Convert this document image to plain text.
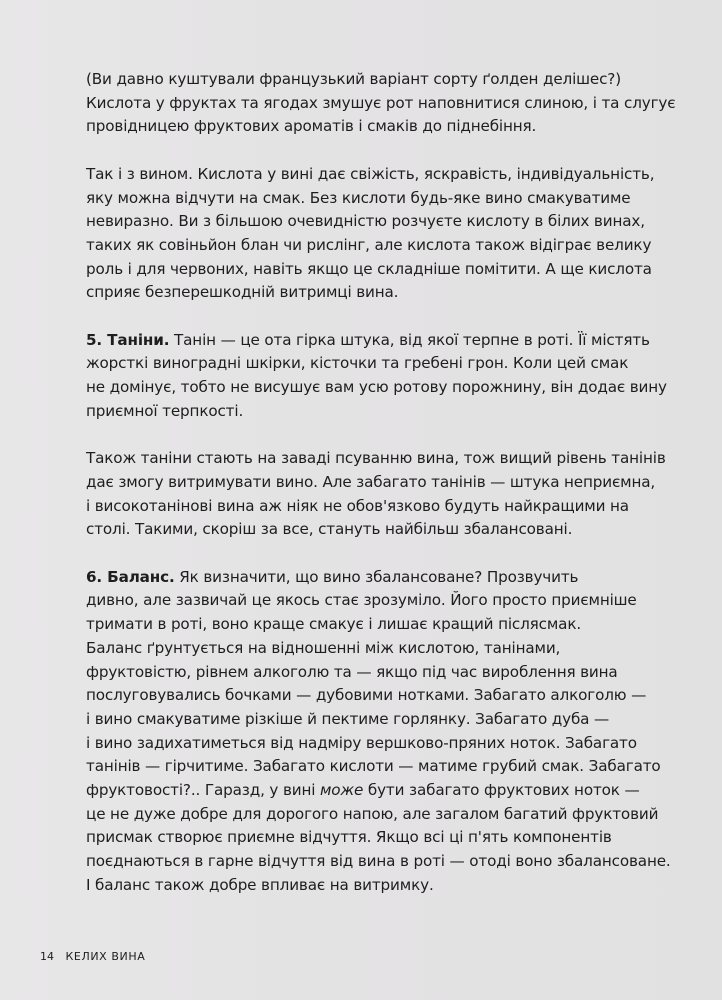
(Ви давно куштували французький варіант сорту ґолден делішес?)
Кислота у фруктах та ягодах змушує рот наповнитися слиною, і та слугує
провідницею фруктових ароматів і смаків до піднебіння.

Так і з вином. Кислота у вині дає свіжість, яскравість, індивідуальність,
яку можна відчути на смак. Без кислоти будь-яке вино смакуватиме
невиразно. Ви з більшою очевидністю розчуєте кислоту в білих винах,
таких як совіньйон блан чи рислінг, але кислота також відіграє велику
роль і для червоних, навіть якщо це складніше помітити. А ще кислота
сприяє безперешкодній витримці вина.

5. Таніни. Танін — це ота гірка штука, від якої терпне в роті. Її містять
жорсткі виноградні шкірки, кісточки та гребені грон. Коли цей смак
не домінує, тобто не висушує вам усю ротову порожнину, він додає вину
приємної терпкості.

Також таніни стають на заваді псуванню вина, тож вищий рівень танінів
дає змогу витримувати вино. Але забагато танінів — штука неприємна,
і високотанінові вина аж ніяк не обов'язково будуть найкращими на
столі. Такими, скоріш за все, стануть найбільш збалансовані.

6. Баланс. Як визначити, що вино збалансоване? Прозвучить
дивно, але зазвичай це якось стає зрозуміло. Його просто приємніше
тримати в роті, воно краще смакує і лишає кращий післясмак.
Баланс ґрунтується на відношенні між кислотою, танінами,
фруктовістю, рівнем алкоголю та — якщо під час вироблення вина
послуговувались бочками — дубовими нотками. Забагато алкоголю —
і вино смакуватиме різкіше й пектиме горлянку. Забагато дуба —
і вино задихатиметься від надміру вершково-пряних ноток. Забагато
танінів — гірчитиме. Забагато кислоти — матиме грубий смак. Забагато
фруктовості?.. Гаразд, у вині може бути забагато фруктових ноток —
це не дуже добре для дорогого напою, але загалом багатий фруктовий
присмак створює приємне відчуття. Якщо всі ці п'ять компонентів
поєднаються в гарне відчуття від вина в роті — отоді воно збалансоване.
І баланс також добре впливає на витримку.

14 КЕЛИХ ВИНА
